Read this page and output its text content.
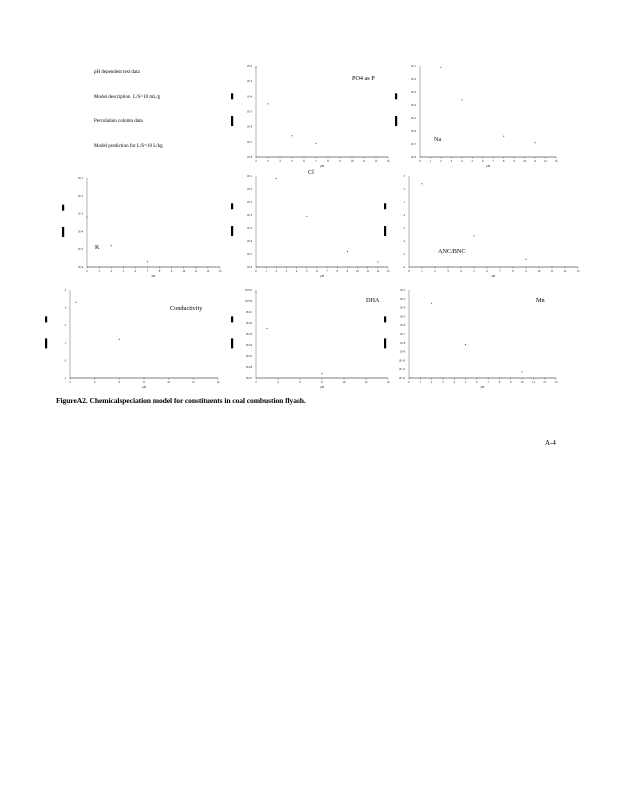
pH dependent test data
Model description  L/S=10 mL/g
Percolation column data
Model prediction for L/S=10 L/kg
2	3	4	5	6	7	8	9	10	11	12	13
1E-2
1E-3
1E-4
1E-5
1E-6
1E-7
1E-8
pH
PO4 as P
0	1	2	3	4	5	6	7	8	9	10	11	12	13
1E-1
1E-2
1E-3
1E-4
1E-5
1E-6
1E-7
1E-8
pH
Na
0	1	2	3	4	5	6	7	8	9	10	11	12	13
1E-1
1E-2
1E-3
1E-4
1E-5
1E-6
1E-7
1E-8
pH
Cl
2	3	4	5	6	7	8	9	10	11	12	13
1E-1
1E-2
1E-3
1E-4
1E-5
1E-6
pH
K
0	1	2	3	4	5	6	7	8	9	10	11	12	13
3
2
1
0
-1
-2
-3
-4
pH
ANC/BNC
2	4	6	8	10	12	14
4
3
2
1
0
-1
pH
Conductivity
2	4	6	8	10	12	14
1E+01
1E+00
1E-01
1E-02
1E-03
1E-04
1E-05
1E-06
1E-07
pH
DHA
0	1	2	3	4	5	6	7	8	9	10	11	12	13
1E-2
1E-3
1E-4
1E-5
1E-6
1E-7
1E-8
1E-9
1E-10
1E-11
1E-12
pH
Mn
FigureA2. Chemicalspeciation model for constituents in coal combustion flyash.
A-4
